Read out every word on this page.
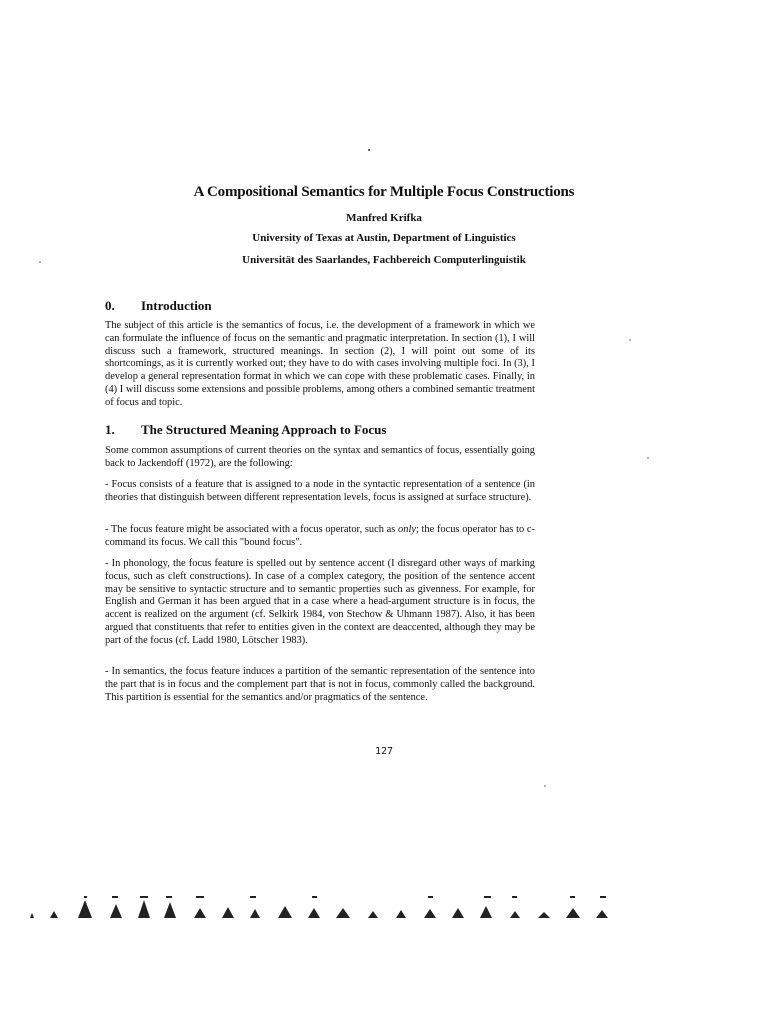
A Compositional Semantics for Multiple Focus Constructions
Manfred Krifka
University of Texas at Austin, Department of Linguistics
Universität des Saarlandes, Fachbereich Computerlinguistik
0. Introduction

The subject of this article is the semantics of focus, i.e. the development of a framework in which we can formulate the influence of focus on the semantic and pragmatic interpretation. In section (1), I will discuss such a framework, structured meanings. In section (2), I will point out some of its shortcomings, as it is currently worked out; they have to do with cases involving multiple foci. In (3), I develop a general representation format in which we can cope with these problematic cases. Finally, in (4) I will discuss some extensions and possible problems, among others a combined semantic treatment of focus and topic.

1. The Structured Meaning Approach to Focus

Some common assumptions of current theories on the syntax and semantics of focus, essentially going back to Jackendoff (1972), are the following:

- Focus consists of a feature that is assigned to a node in the syntactic representation of a sentence (in theories that distinguish between different representation levels, focus is assigned at surface structure).

- The focus feature might be associated with a focus operator, such as only; the focus operator has to c-command its focus. We call this "bound focus".

- In phonology, the focus feature is spelled out by sentence accent (I disregard other ways of marking focus, such as cleft constructions). In case of a complex category, the position of the sentence accent may be sensitive to syntactic structure and to semantic properties such as givenness. For example, for English and German it has been argued that in a case where a head-argument structure is in focus, the accent is realized on the argument (cf. Selkirk 1984, von Stechow & Uhmann 1987). Also, it has been argued that constituents that refer to entities given in the context are deaccented, although they may be part of the focus (cf. Ladd 1980, Lötscher 1983).

- In semantics, the focus feature induces a partition of the semantic representation of the sentence into the part that is in focus and the complement part that is not in focus, commonly called the background. This partition is essential for the semantics and/or pragmatics of the sentence.

127
